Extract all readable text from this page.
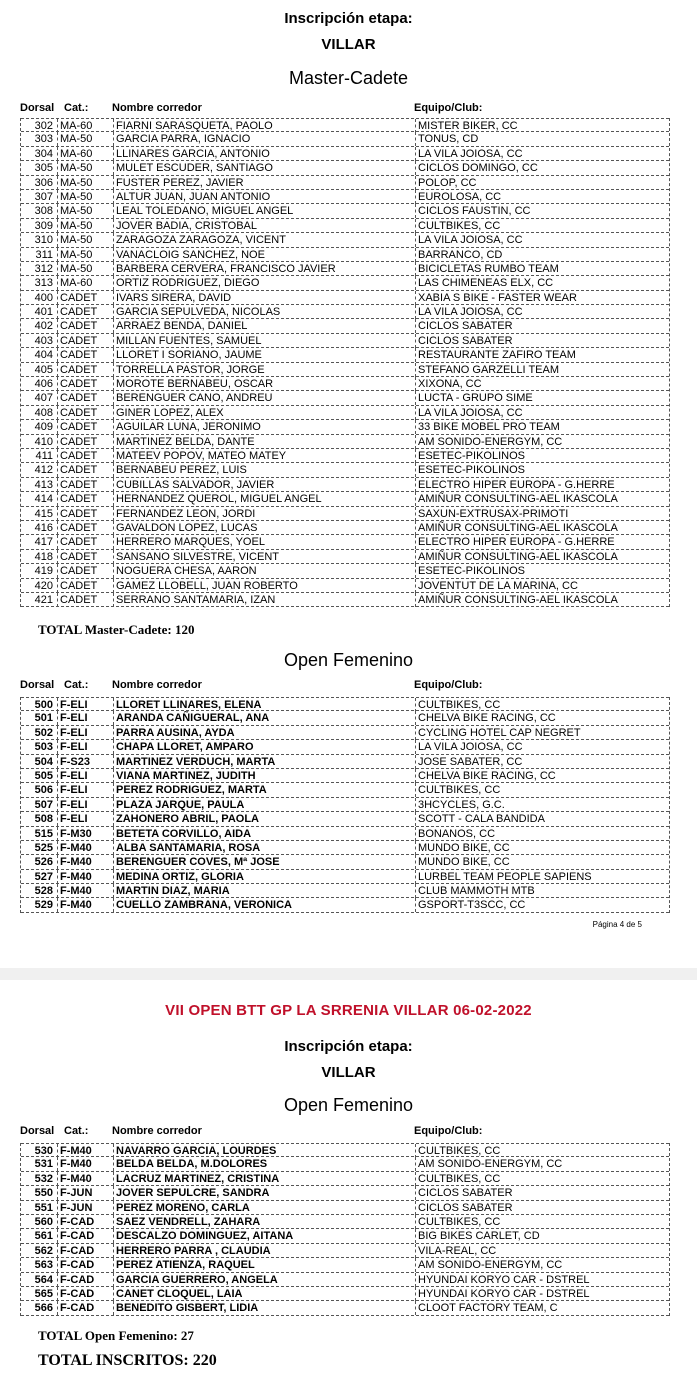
Inscripción etapa:
VILLAR
Master-Cadete
Dorsal Cat.: Nombre corredor	Equipo/Club:
302 MA-60	FIARNI SARASQUETA, PAOLO	MISTER BIKER, CC
303 MA-50	GARCIA PARRA, IGNACIO	TONUS, CD
304 MA-60	LLINARES GARCIA, ANTONIO	LA VILA JOIOSA, CC
305 MA-50	MULET ESCUDER, SANTIAGO	CICLOS DOMINGO, CC
306 MA-50	FUSTER PEREZ, JAVIER	POLOP, CC
307 MA-50	ALTUR JUAN, JUAN ANTONIO	EUROLOSA, CC
308 MA-50	LEAL TOLEDANO, MIGUEL ANGEL	CICLOS FAUSTIN, CC
309 MA-50	JOVER BADIA, CRISTOBAL	CULTBIKES, CC
310 MA-50	ZARAGOZA ZARAGOZA, VICENT	LA VILA JOIOSA, CC
311 MA-50	VANACLOIG SANCHEZ, NOE	BARRANCO, CD
312 MA-50	BARBERA CERVERA, FRANCISCO JAVIER	BICICLETAS RUMBO TEAM
313 MA-60	ORTIZ RODRIGUEZ, DIEGO	LAS CHIMENEAS ELX, CC
400 CADET	IVARS SIRERA, DAVID	XABIA S BIKE - FASTER WEAR
401 CADET	GARCIA SEPULVEDA, NICOLAS	LA VILA JOIOSA, CC
402 CADET	ARRAEZ BENDA, DANIEL	CICLOS SABATER
403 CADET	MILLAN FUENTES, SAMUEL	CICLOS SABATER
404 CADET	LLORET I SORIANO, JAUME	RESTAURANTE ZAFIRO TEAM
405 CADET	TORRELLA PASTOR, JORGE	STEFANO GARZELLI TEAM
406 CADET	MOROTE BERNABEU, OSCAR	XIXONA, CC
407 CADET	BERENGUER CANO, ANDREU	LUCTA - GRUPO SIME
408 CADET	GINER LOPEZ, ALEX	LA VILA JOIOSA, CC
409 CADET	AGUILAR LUNA, JERONIMO	33 BIKE MOBEL PRO TEAM
410 CADET	MARTINEZ BELDA, DANTE	AM SONIDO-ENERGYM, CC
411 CADET	MATEEV POPOV, MATEO MATEY	ESETEC-PIKOLINOS
412 CADET	BERNABEU PEREZ, LUIS	ESETEC-PIKOLINOS
413 CADET	CUBILLAS SALVADOR, JAVIER	ELECTRO HIPER EUROPA - G.HERRE
414 CADET	HERNANDEZ QUEROL, MIGUEL ANGEL	AMIÑUR CONSULTING-AEL IKASCOLA
415 CADET	FERNANDEZ LEON, JORDI	SAXUN-EXTRUSAX-PRIMOTI
416 CADET	GAVALDON LOPEZ, LUCAS	AMIÑUR CONSULTING-AEL IKASCOLA
417 CADET	HERRERO MARQUES, YOEL	ELECTRO HIPER EUROPA - G.HERRE
418 CADET	SANSANO SILVESTRE, VICENT	AMIÑUR CONSULTING-AEL IKASCOLA
419 CADET	NOGUERA CHESA, AARON	ESETEC-PIKOLINOS
420 CADET	GAMEZ LLOBELL, JUAN ROBERTO	JOVENTUT DE LA MARINA, CC
421 CADET	SERRANO SANTAMARIA, IZAN	AMIÑUR CONSULTING-AEL IKASCOLA
TOTAL Master-Cadete: 120
Open Femenino
Dorsal Cat.: Nombre corredor	Equipo/Club:
500 F-ELI	LLORET LLINARES, ELENA	CULTBIKES, CC
501 F-ELI	ARANDA CAÑIGUERAL, ANA	CHELVA BIKE RACING, CC
502 F-ELI	PARRA AUSINA, AYDA	CYCLING HOTEL CAP NEGRET
503 F-ELI	CHAPA LLORET, AMPARO	LA VILA JOIOSA, CC
504 F-S23	MARTINEZ VERDUCH, MARTA	JOSE SABATER, CC
505 F-ELI	VIANA MARTINEZ, JUDITH	CHELVA BIKE RACING, CC
506 F-ELI	PEREZ RODRIGUEZ, MARTA	CULTBIKES, CC
507 F-ELI	PLAZA JARQUE, PAULA	3HCYCLES, G.C.
508 F-ELI	ZAHONERO ABRIL, PAOLA	SCOTT - CALA BANDIDA
515 F-M30	BETETA CORVILLO, AIDA	BONANOS, CC
525 F-M40	ALBA SANTAMARIA, ROSA	MUNDO BIKE, CC
526 F-M40	BERENGUER COVES, Mª JOSE	MUNDO BIKE, CC
527 F-M40	MEDINA ORTIZ, GLORIA	LURBEL TEAM PEOPLE SAPIENS
528 F-M40	MARTIN DIAZ, MARIA	CLUB MAMMOTH MTB
529 F-M40	CUELLO ZAMBRANA, VERONICA	GSPORT-T3SCC, CC
Página 4 de 5
VII OPEN BTT GP LA SRRENIA VILLAR 06-02-2022
Inscripción etapa:
VILLAR
Open Femenino
Dorsal Cat.: Nombre corredor	Equipo/Club:
530 F-M40	NAVARRO GARCIA, LOURDES	CULTBIKES, CC
531 F-M40	BELDA BELDA, M.DOLORES	AM SONIDO-ENERGYM, CC
532 F-M40	LACRUZ MARTINEZ, CRISTINA	CULTBIKES, CC
550 F-JUN	JOVER SEPULCRE, SANDRA	CICLOS SABATER
551 F-JUN	PEREZ MORENO, CARLA	CICLOS SABATER
560 F-CAD	SAEZ VENDRELL, ZAHARA	CULTBIKES, CC
561 F-CAD	DESCALZO DOMINGUEZ, AITANA	BIG BIKES CARLET, CD
562 F-CAD	HERRERO PARRA , CLAUDIA	VILA-REAL, CC
563 F-CAD	PEREZ ATIENZA, RAQUEL	AM SONIDO-ENERGYM, CC
564 F-CAD	GARCIA GUERRERO, ANGELA	HYUNDAI KORYO CAR - DSTREL
565 F-CAD	CANET CLOQUEL, LAIA	HYUNDAI KORYO CAR - DSTREL
566 F-CAD	BENEDITO GISBERT, LIDIA	CLOOT FACTORY TEAM, C
TOTAL Open Femenino: 27
TOTAL INSCRITOS: 220
